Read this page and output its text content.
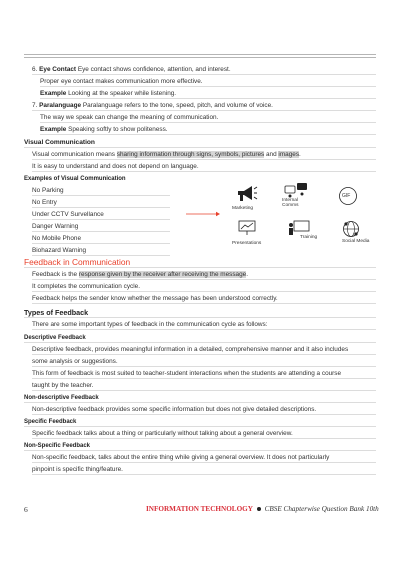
6. Eye Contact Eye contact shows confidence, attention, and interest.
• Proper eye contact makes communication more effective.
• Example Looking at the speaker while listening.
7. Paralanguage Paralanguage refers to the tone, speed, pitch, and volume of voice.
• The way we speak can change the meaning of communication.
• Example Speaking softly to show politeness.
Visual Communication
• Visual communication means sharing information through signs, symbols, pictures and images.
• It is easy to understand and does not depend on language.
Examples of Visual Communication
• No Parking
• No Entry
• Under CCTV Survellance
• Danger Warning
• No Mobile Phone
• Biohazard Warning
Marketing
Internal
Comms
GIF
Presentations
Training
Social Media
Feedback in Communication
• Feedback is the response given by the receiver after receiving the message.
• It completes the communication cycle.
• Feedback helps the sender know whether the message has been understood correctly.
Types of Feedback
• There are some important types of feedback in the communication cycle as follows:
Descriptive Feedback
• Descriptive feedback, provides meaningful information in a detailed, comprehensive manner and it also includes
some analysis or suggestions.
• This form of feedback is most suited to teacher-student interactions when the students are attending a course
taught by the teacher.
Non-descriptive Feedback
• Non-descriptive feedback provides some specific information but does not give detailed descriptions.
Specific Feedback
• Specific feedback talks about a thing or particularly without talking about a general overview.
Non-Specific Feedback
• Non-specific feedback, talks about the entire thing while giving a general overview. It does not particularly
pinpoint is specific thing/feature.
6	INFORMATION TECHNOLOGY CBSE Chapterwise Question Bank 10th
